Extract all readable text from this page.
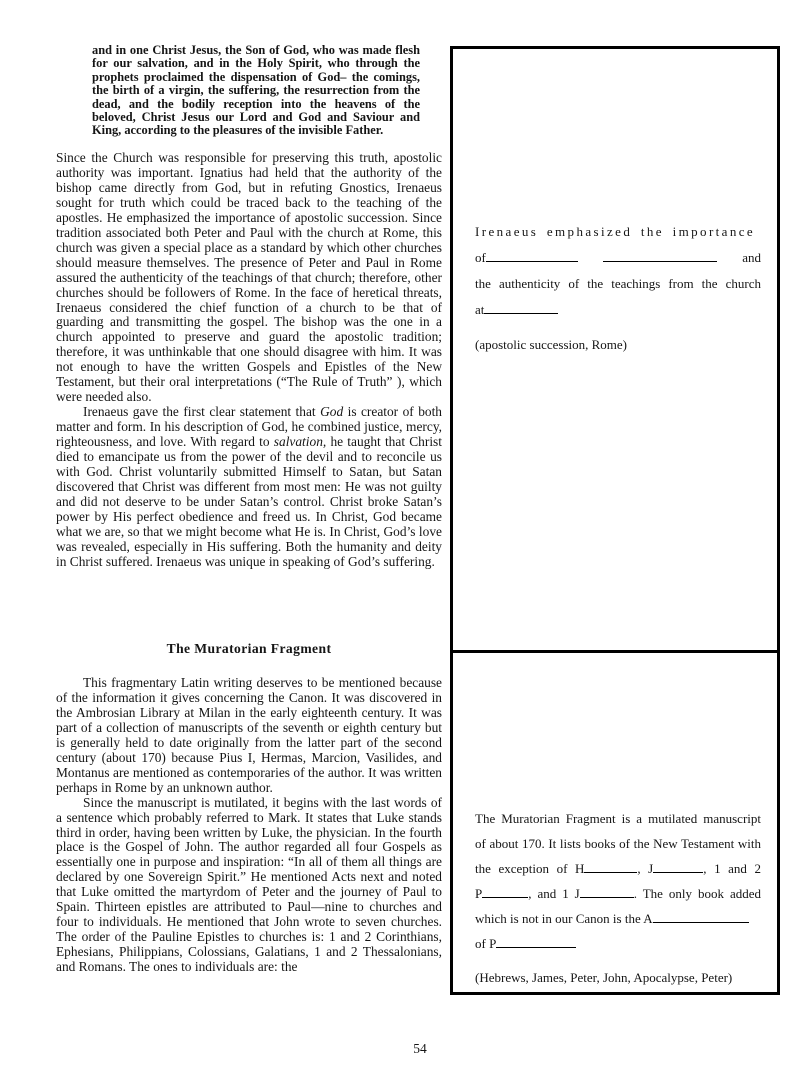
and in one Christ Jesus, the Son of God, who was made flesh for our salvation, and in the Holy Spirit, who through the prophets proclaimed the dispensation of God– the comings, the birth of a virgin, the suffering, the resurrection from the dead, and the bodily reception into the heavens of the beloved, Christ Jesus our Lord and God and Saviour and King, according to the pleasures of the invisible Father.

Since the Church was responsible for preserving this truth, apostolic authority was important. Ignatius had held that the authority of the bishop came directly from God, but in refuting Gnostics, Irenaeus sought for truth which could be traced back to the teaching of the apostles. He emphasized the importance of apostolic succession. Since tradition associated both Peter and Paul with the church at Rome, this church was given a special place as a standard by which other churches should measure themselves. The presence of Peter and Paul in Rome assured the authenticity of the teachings of that church; therefore, other churches should be followers of Rome. In the face of heretical threats, Irenaeus considered the chief function of a church to be that of guarding and transmitting the gospel. The bishop was the one in a church appointed to preserve and guard the apostolic tradition; therefore, it was unthinkable that one should disagree with him. It was not enough to have the written Gospels and Epistles of the New Testament, but their oral interpretations (“The Rule of Truth” ), which were needed also.

Irenaeus gave the first clear statement that God is creator of both matter and form. In his description of God, he combined justice, mercy, righteousness, and love. With regard to salvation, he taught that Christ died to emancipate us from the power of the devil and to reconcile us with God. Christ voluntarily submitted Himself to Satan, but Satan discovered that Christ was different from most men: He was not guilty and did not deserve to be under Satan’s control. Christ broke Satan’s power by His perfect obedience and freed us. In Christ, God became what we are, so that we might become what He is. In Christ, God’s love was revealed, especially in His suffering. Both the humanity and deity in Christ suffered. Irenaeus was unique in speaking of God’s suffering.

The Muratorian Fragment

This fragmentary Latin writing deserves to be mentioned because of the information it gives concerning the Canon. It was discovered in the Ambrosian Library at Milan in the early eighteenth century. It was part of a collection of manuscripts of the seventh or eighth century but is generally held to date originally from the latter part of the second century (about 170) because Pius I, Hermas, Marcion, Vasilides, and Montanus are mentioned as contemporaries of the author. It was written perhaps in Rome by an unknown author.

Since the manuscript is mutilated, it begins with the last words of a sentence which probably referred to Mark. It states that Luke stands third in order, having been written by Luke, the physician. In the fourth place is the Gospel of John. The author regarded all four Gospels as essentially one in purpose and inspiration: “In all of them all things are declared by one Sovereign Spirit.” He mentioned Acts next and noted that Luke omitted the martyrdom of Peter and the journey of Paul to Spain. Thirteen epistles are attributed to Paul—nine to churches and four to individuals. He mentioned that John wrote to seven churches. The order of the Pauline Epistles to churches is: 1 and 2 Corinthians, Ephesians, Philippians, Colossians, Galatians, 1 and 2 Thessalonians, and Romans. The ones to individuals are: the

Irenaeus emphasized the importance
of	and
the authenticity of the teachings from the church
at
(apostolic succession, Rome)
The Muratorian Fragment is a mutilated manuscript
of about 170. It lists books of the New Testament with
the exception of H	, J	, 1 and 2
P	, and 1 J	. The only book added
which is not in our Canon is the A
of P
(Hebrews, James, Peter, John, Apocalypse, Peter)
54
